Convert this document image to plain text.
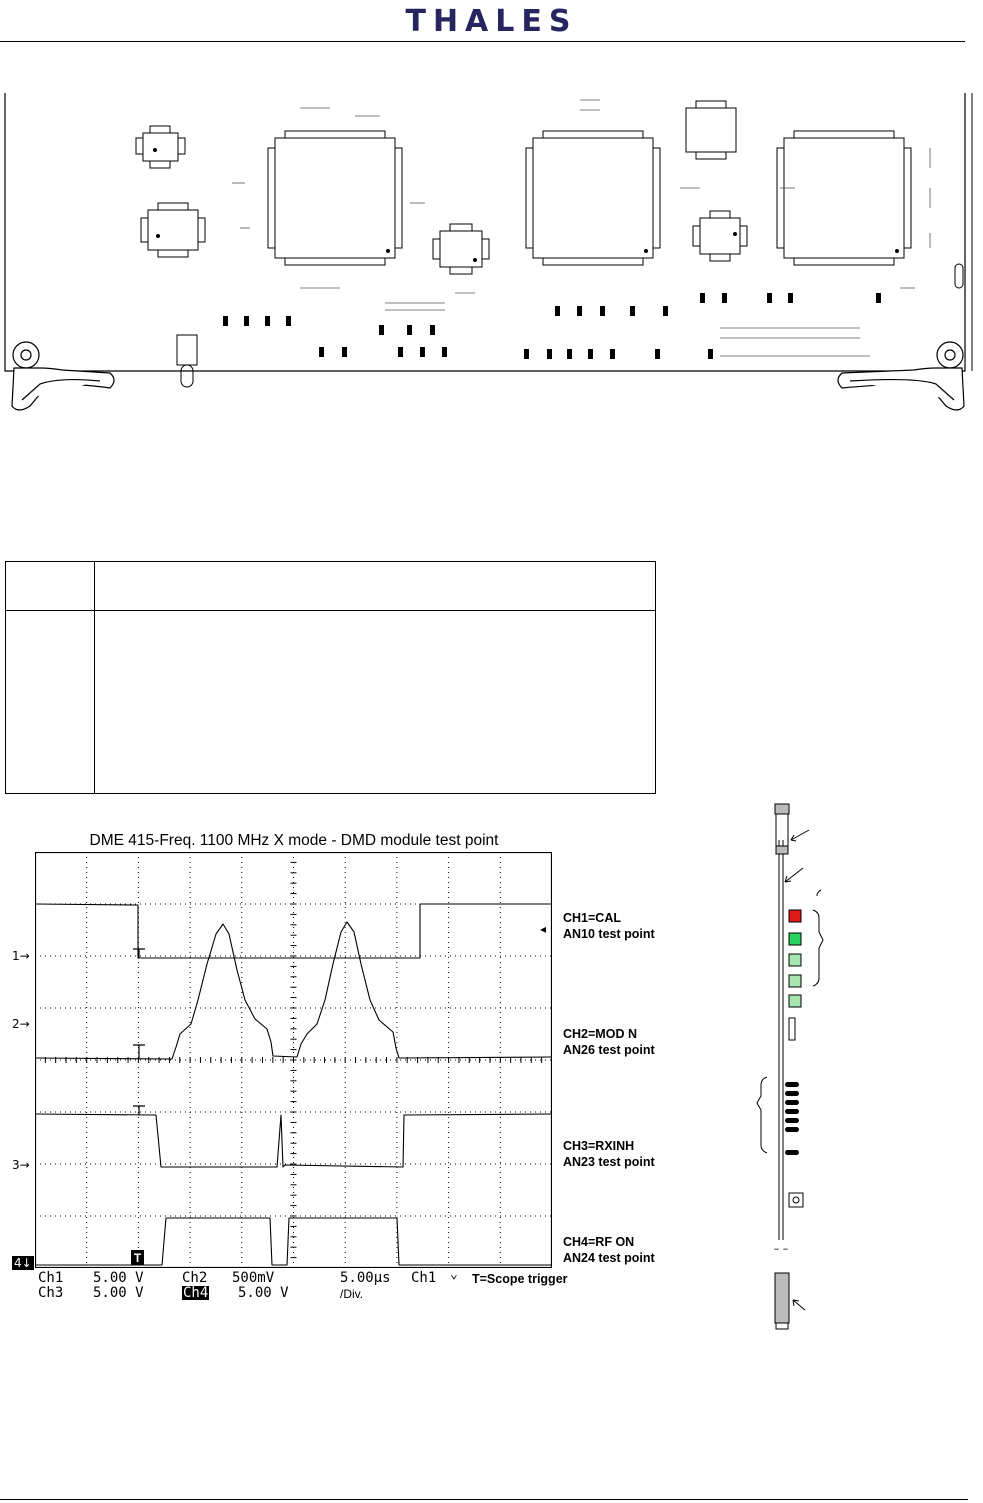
THALES
DME 415-Freq. 1100 MHz X mode - DMD module test point
T
1→
2→
3→
4↓
◂
CH1=CAL
AN10 test point
CH2=MOD N
AN26 test point
CH3=RXINH
AN23 test point
CH4=RF ON
AN24 test point
Ch1 5.00 V	Ch2 500mV	5.00µs Ch1 ⌄ T=Scope trigger
Ch3 5.00 V	Ch4 5.00 V	/Div.
– –
